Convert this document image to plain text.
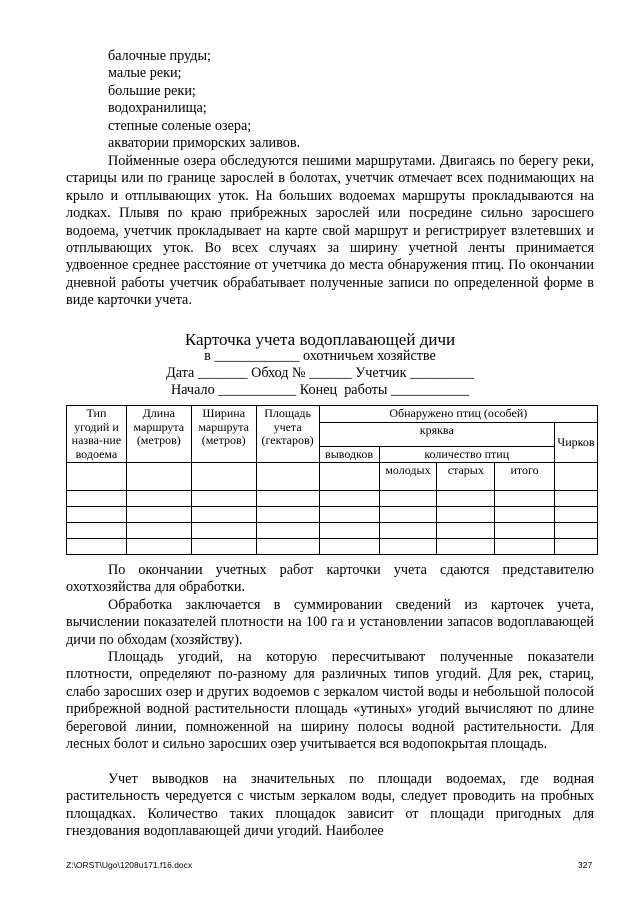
балочные пруды;
малые реки;
большие реки;
водохранилища;
степные соленые озера;
акватории приморских заливов.
Пойменные озера обследуются пешими маршрутами. Двигаясь по берегу реки, старицы или по границе зарослей в болотах, учетчик отмечает всех поднимающих на крыло и отплывающих уток. На больших водоемах маршруты прокладываются на лодках. Плывя по краю прибрежных зарослей или посредине сильно заросшего водоема, учетчик прокладывает на карте свой маршрут и регистрирует взлетевших и отплывающих уток. Во всех случаях за ширину учетной ленты принимается удвоенное среднее расстояние от учетчика до места обнаружения птиц. По окончании дневной работы учетчик обрабатывает полученные записи по определенной форме в виде карточки учета.
Карточка учета водоплавающей дичи
в ____________ охотничьем хозяйстве
Дата _______ Обход № ______ Учетчик _________
Начало ___________ Конец  работы ___________
Тип угодий и назва-ние водоема	Длина маршрута (метров)	Ширина маршрута (метров)	Площадь учета (гектаров)	Обнаружено птиц (особей)				
				кряква				Чирков
				выводков	количество птиц			
					молодых	старых	итого	

По окончании учетных работ карточки учета сдаются представителю охотхозяйства для обработки.
Обработка заключается в суммировании сведений из карточек учета, вычислении показателей плотности на 100 га и установлении запасов водоплавающей дичи по обходам (хозяйству).
Площадь угодий, на которую пересчитывают полученные показатели плотности, определяют по-разному для различных типов угодий. Для рек, стариц, слабо заросших озер и других водоемов с зеркалом чистой воды и небольшой полосой прибрежной водной растительности площадь «утиных» угодий вычисляют по длине береговой линии, помноженной на ширину полосы водной растительности. Для лесных болот и сильно заросших озер учитывается вся водопокрытая площадь.
Учет выводков на значительных по площади водоемах, где водная растительность чередуется с чистым зеркалом воды, следует проводить на пробных площадках. Количество таких площадок зависит от площади пригодных для гнездования водоплавающей дичи угодий. Наиболее
Z:\ORST\Ugo\1208u171.f16.docx	327
